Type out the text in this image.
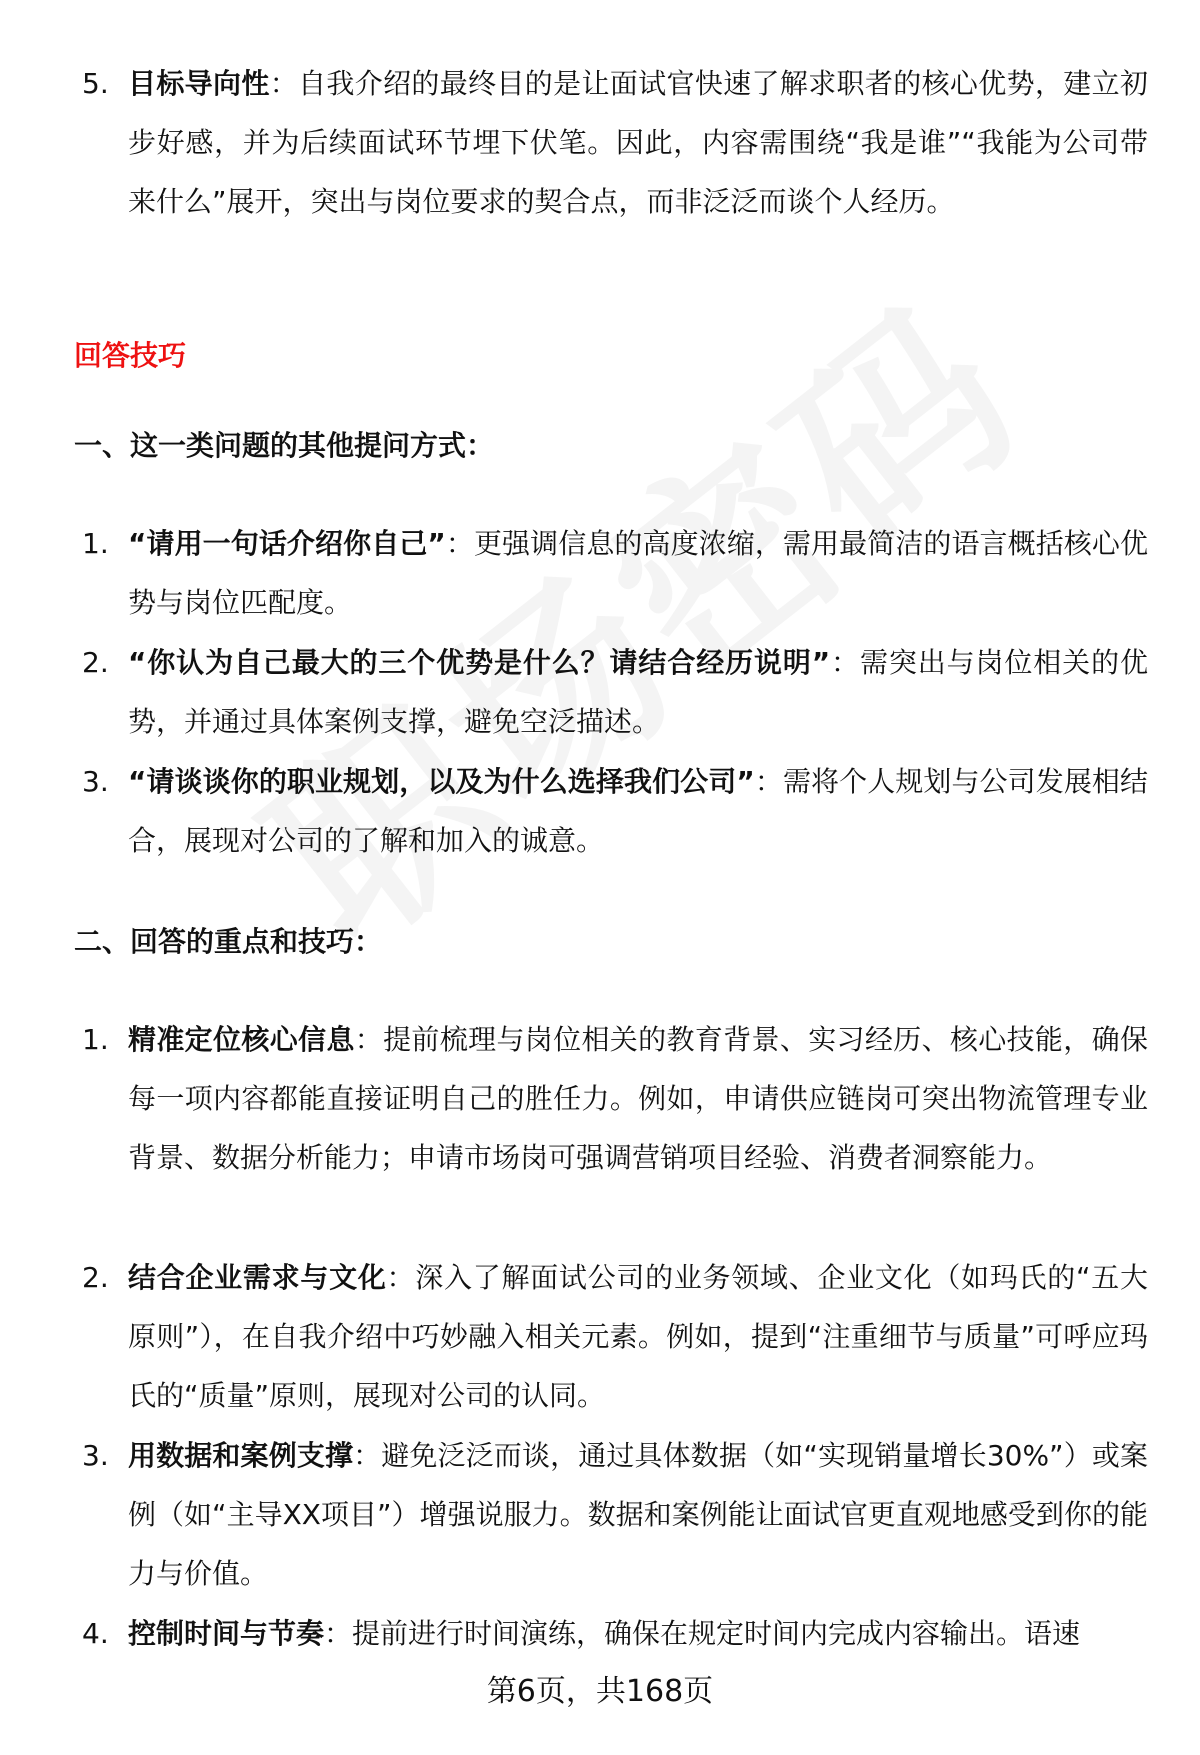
5. 目标导向性：自我介绍的最终目的是让面试官快速了解求职者的核心优势，建立初步好感，并为后续面试环节埋下伏笔。因此，内容需围绕“我是谁”“我能为公司带来什么”展开，突出与岗位要求的契合点，而非泛泛而谈个人经历。
回答技巧
一、这一类问题的其他提问方式：
1. “请用一句话介绍你自己”：更强调信息的高度浓缩，需用最简洁的语言概括核心优势与岗位匹配度。
2. “你认为自己最大的三个优势是什么？请结合经历说明”：需突出与岗位相关的优势，并通过具体案例支撑，避免空泛描述。
3. “请谈谈你的职业规划，以及为什么选择我们公司”：需将个人规划与公司发展相结合，展现对公司的了解和加入的诚意。
二、回答的重点和技巧：
1. 精准定位核心信息：提前梳理与岗位相关的教育背景、实习经历、核心技能，确保每一项内容都能直接证明自己的胜任力。例如，申请供应链岗可突出物流管理专业背景、数据分析能力；申请市场岗可强调营销项目经验、消费者洞察能力。
2. 结合企业需求与文化：深入了解面试公司的业务领域、企业文化（如玛氏的“五大原则”），在自我介绍中巧妙融入相关元素。例如，提到“注重细节与质量”可呼应玛氏的“质量”原则，展现对公司的认同。
3. 用数据和案例支撑：避免泛泛而谈，通过具体数据（如“实现销量增长30%”）或案例（如“主导XX项目”）增强说服力。数据和案例能让面试官更直观地感受到你的能力与价值。
4. 控制时间与节奏：提前进行时间演练，确保在规定时间内完成内容输出。语速
第6页，共168页
